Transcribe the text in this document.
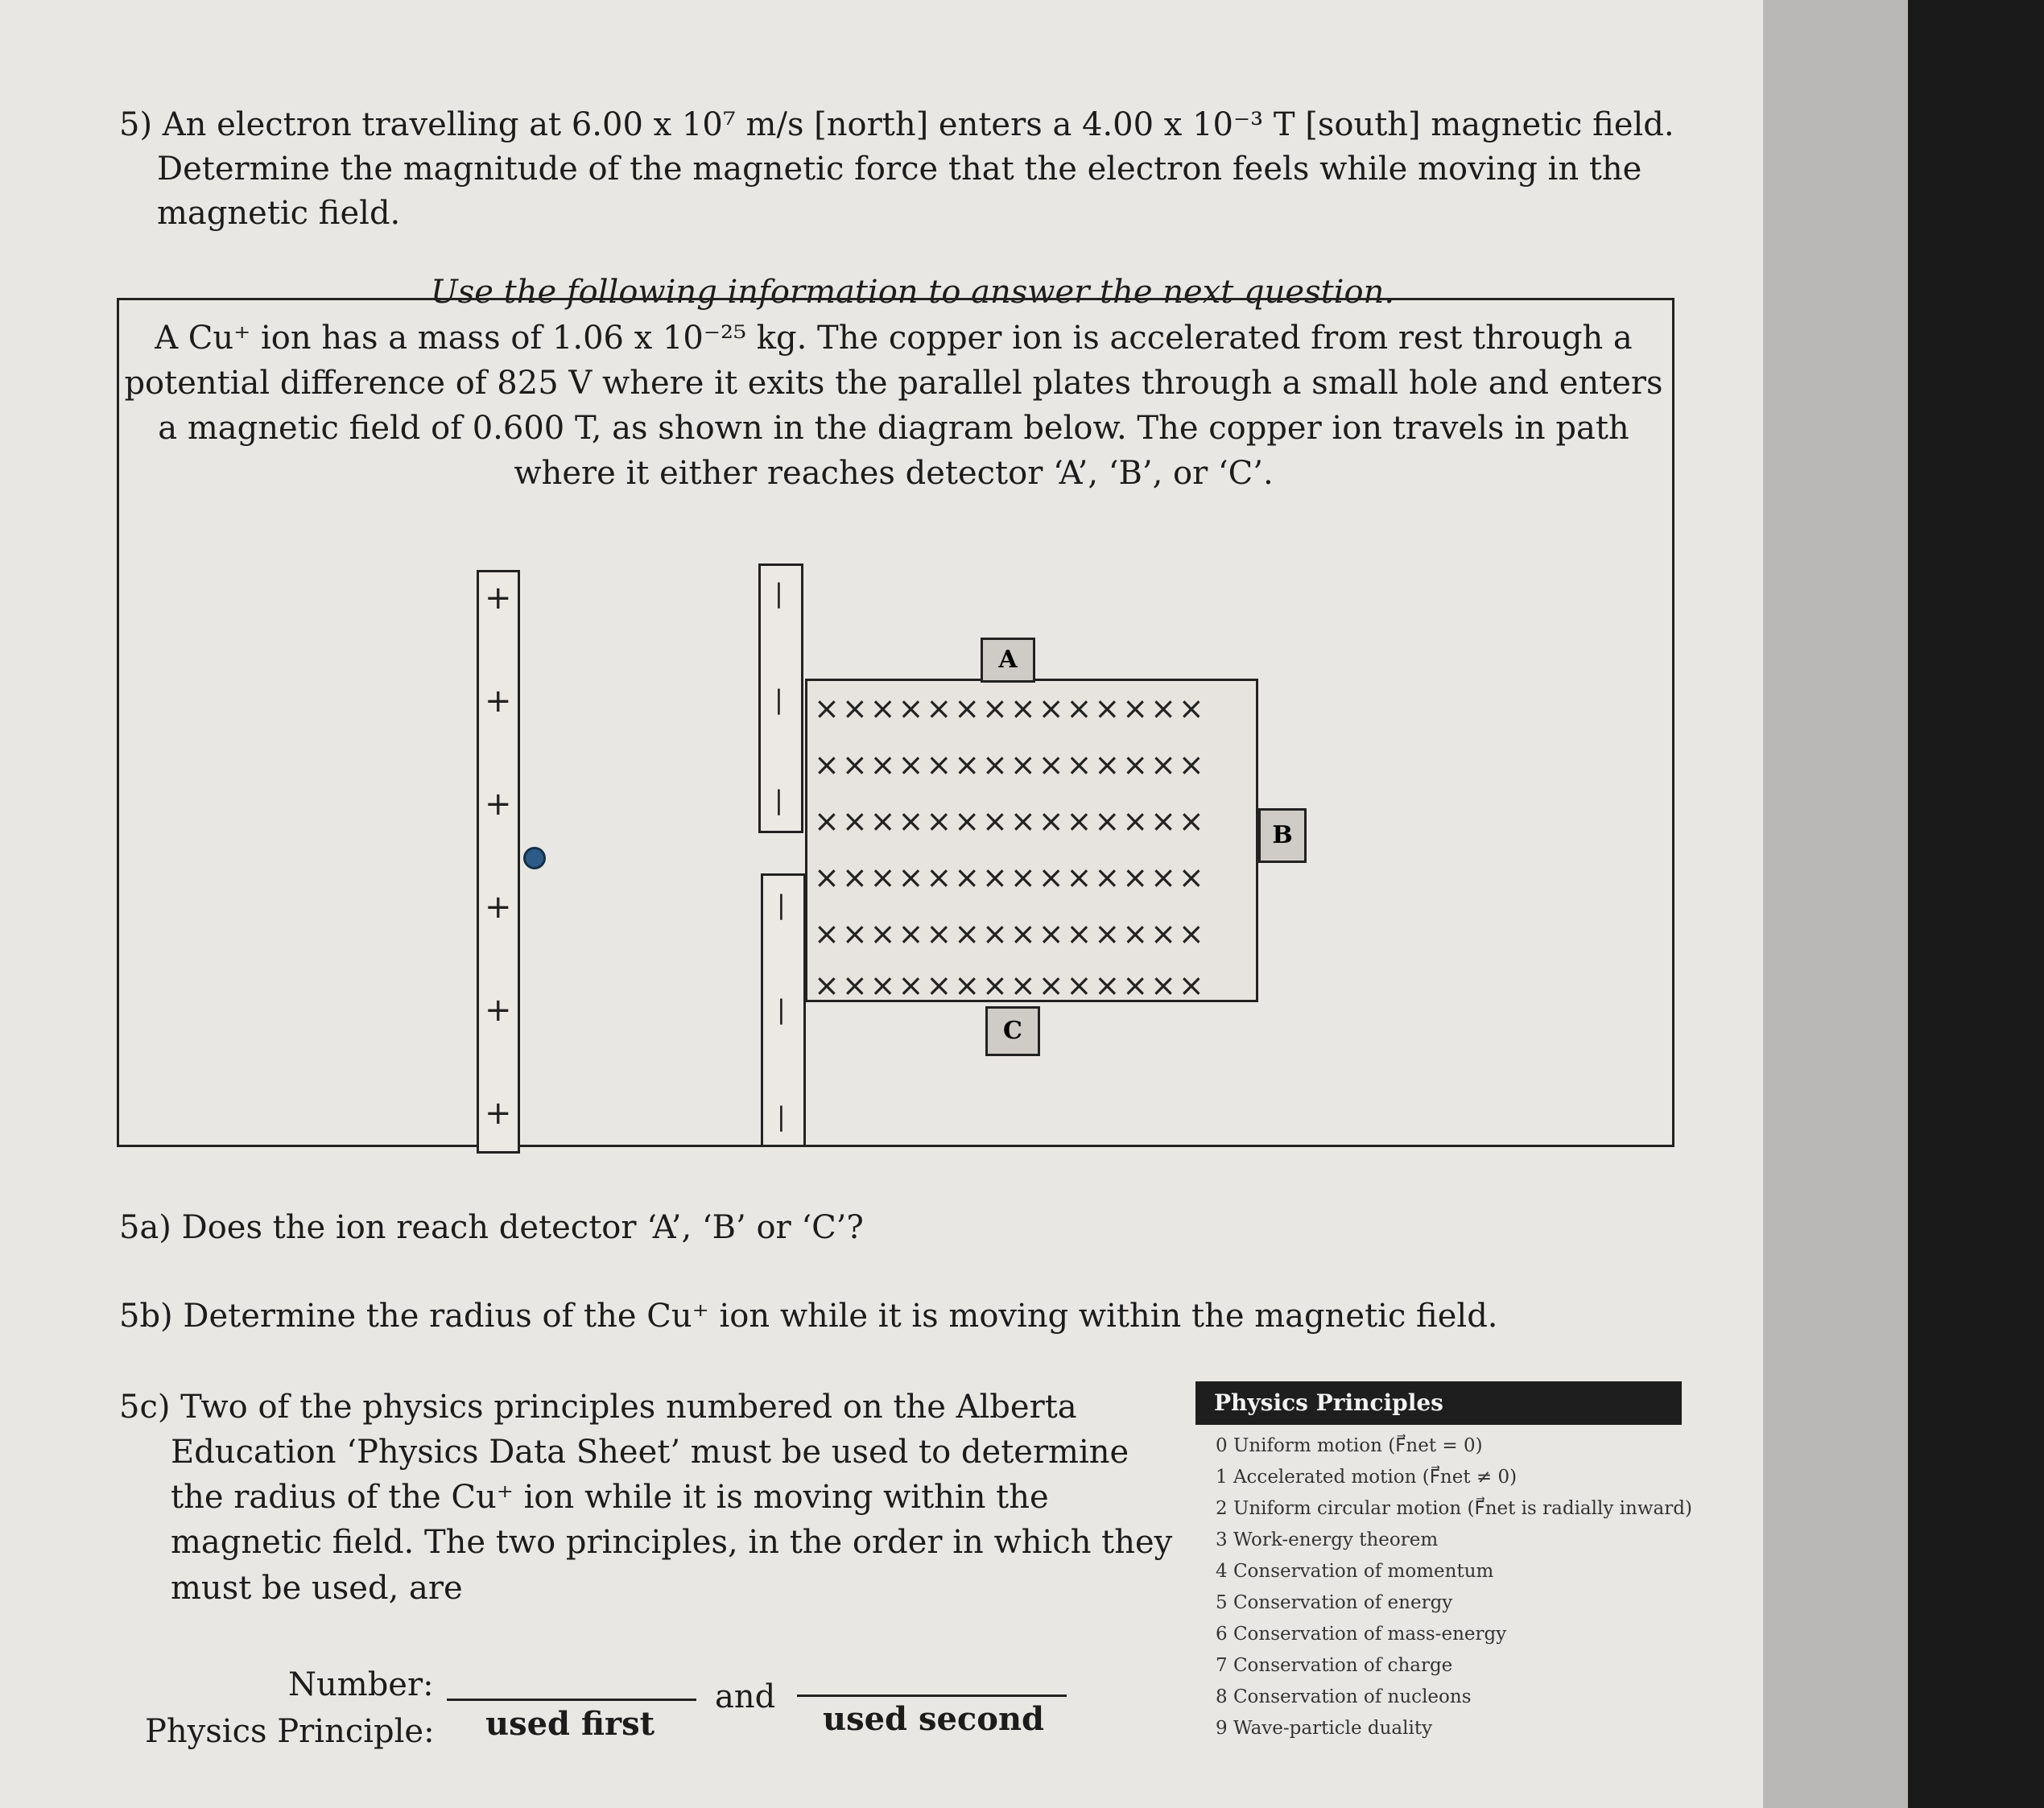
5) An electron travelling at 6.00 x 10⁷ m/s [north] enters a 4.00 x 10⁻³ T [south] magnetic field.
Determine the magnitude of the magnetic force that the electron feels while moving in the
magnetic field.
Use the following information to answer the next question.
A Cu⁺ ion has a mass of 1.06 x 10⁻²⁵ kg. The copper ion is accelerated from rest through a potential difference of 825 V where it exits the parallel plates through a small hole and enters a magnetic field of 0.600 T, as shown in the diagram below. The copper ion travels in path where it either reaches detector ‘A’, ‘B’, or ‘C’.
+
+
+
+
+
+
|
|
|
|
|
|
××××××××××××××
××××××××××××××
××××××××××××××
××××××××××××××
××××××××××××××
××××××××××××××
A
B
C
5a) Does the ion reach detector ‘A’, ‘B’ or ‘C’?
5b) Determine the radius of the Cu⁺ ion while it is moving within the magnetic field.
5c) Two of the physics principles numbered on the Alberta
Education ‘Physics Data Sheet’ must be used to determine
the radius of the Cu⁺ ion while it is moving within the
magnetic field. The two principles, in the order in which they
must be used, are
Number:
Physics Principle:
and
used first	used second
Physics Principles
0 Uniform motion (F⃗net = 0)
1 Accelerated motion (F⃗net ≠ 0)
2 Uniform circular motion (F⃗net is radially inward)
3 Work-energy theorem
4 Conservation of momentum
5 Conservation of energy
6 Conservation of mass-energy
7 Conservation of charge
8 Conservation of nucleons
9 Wave-particle duality
